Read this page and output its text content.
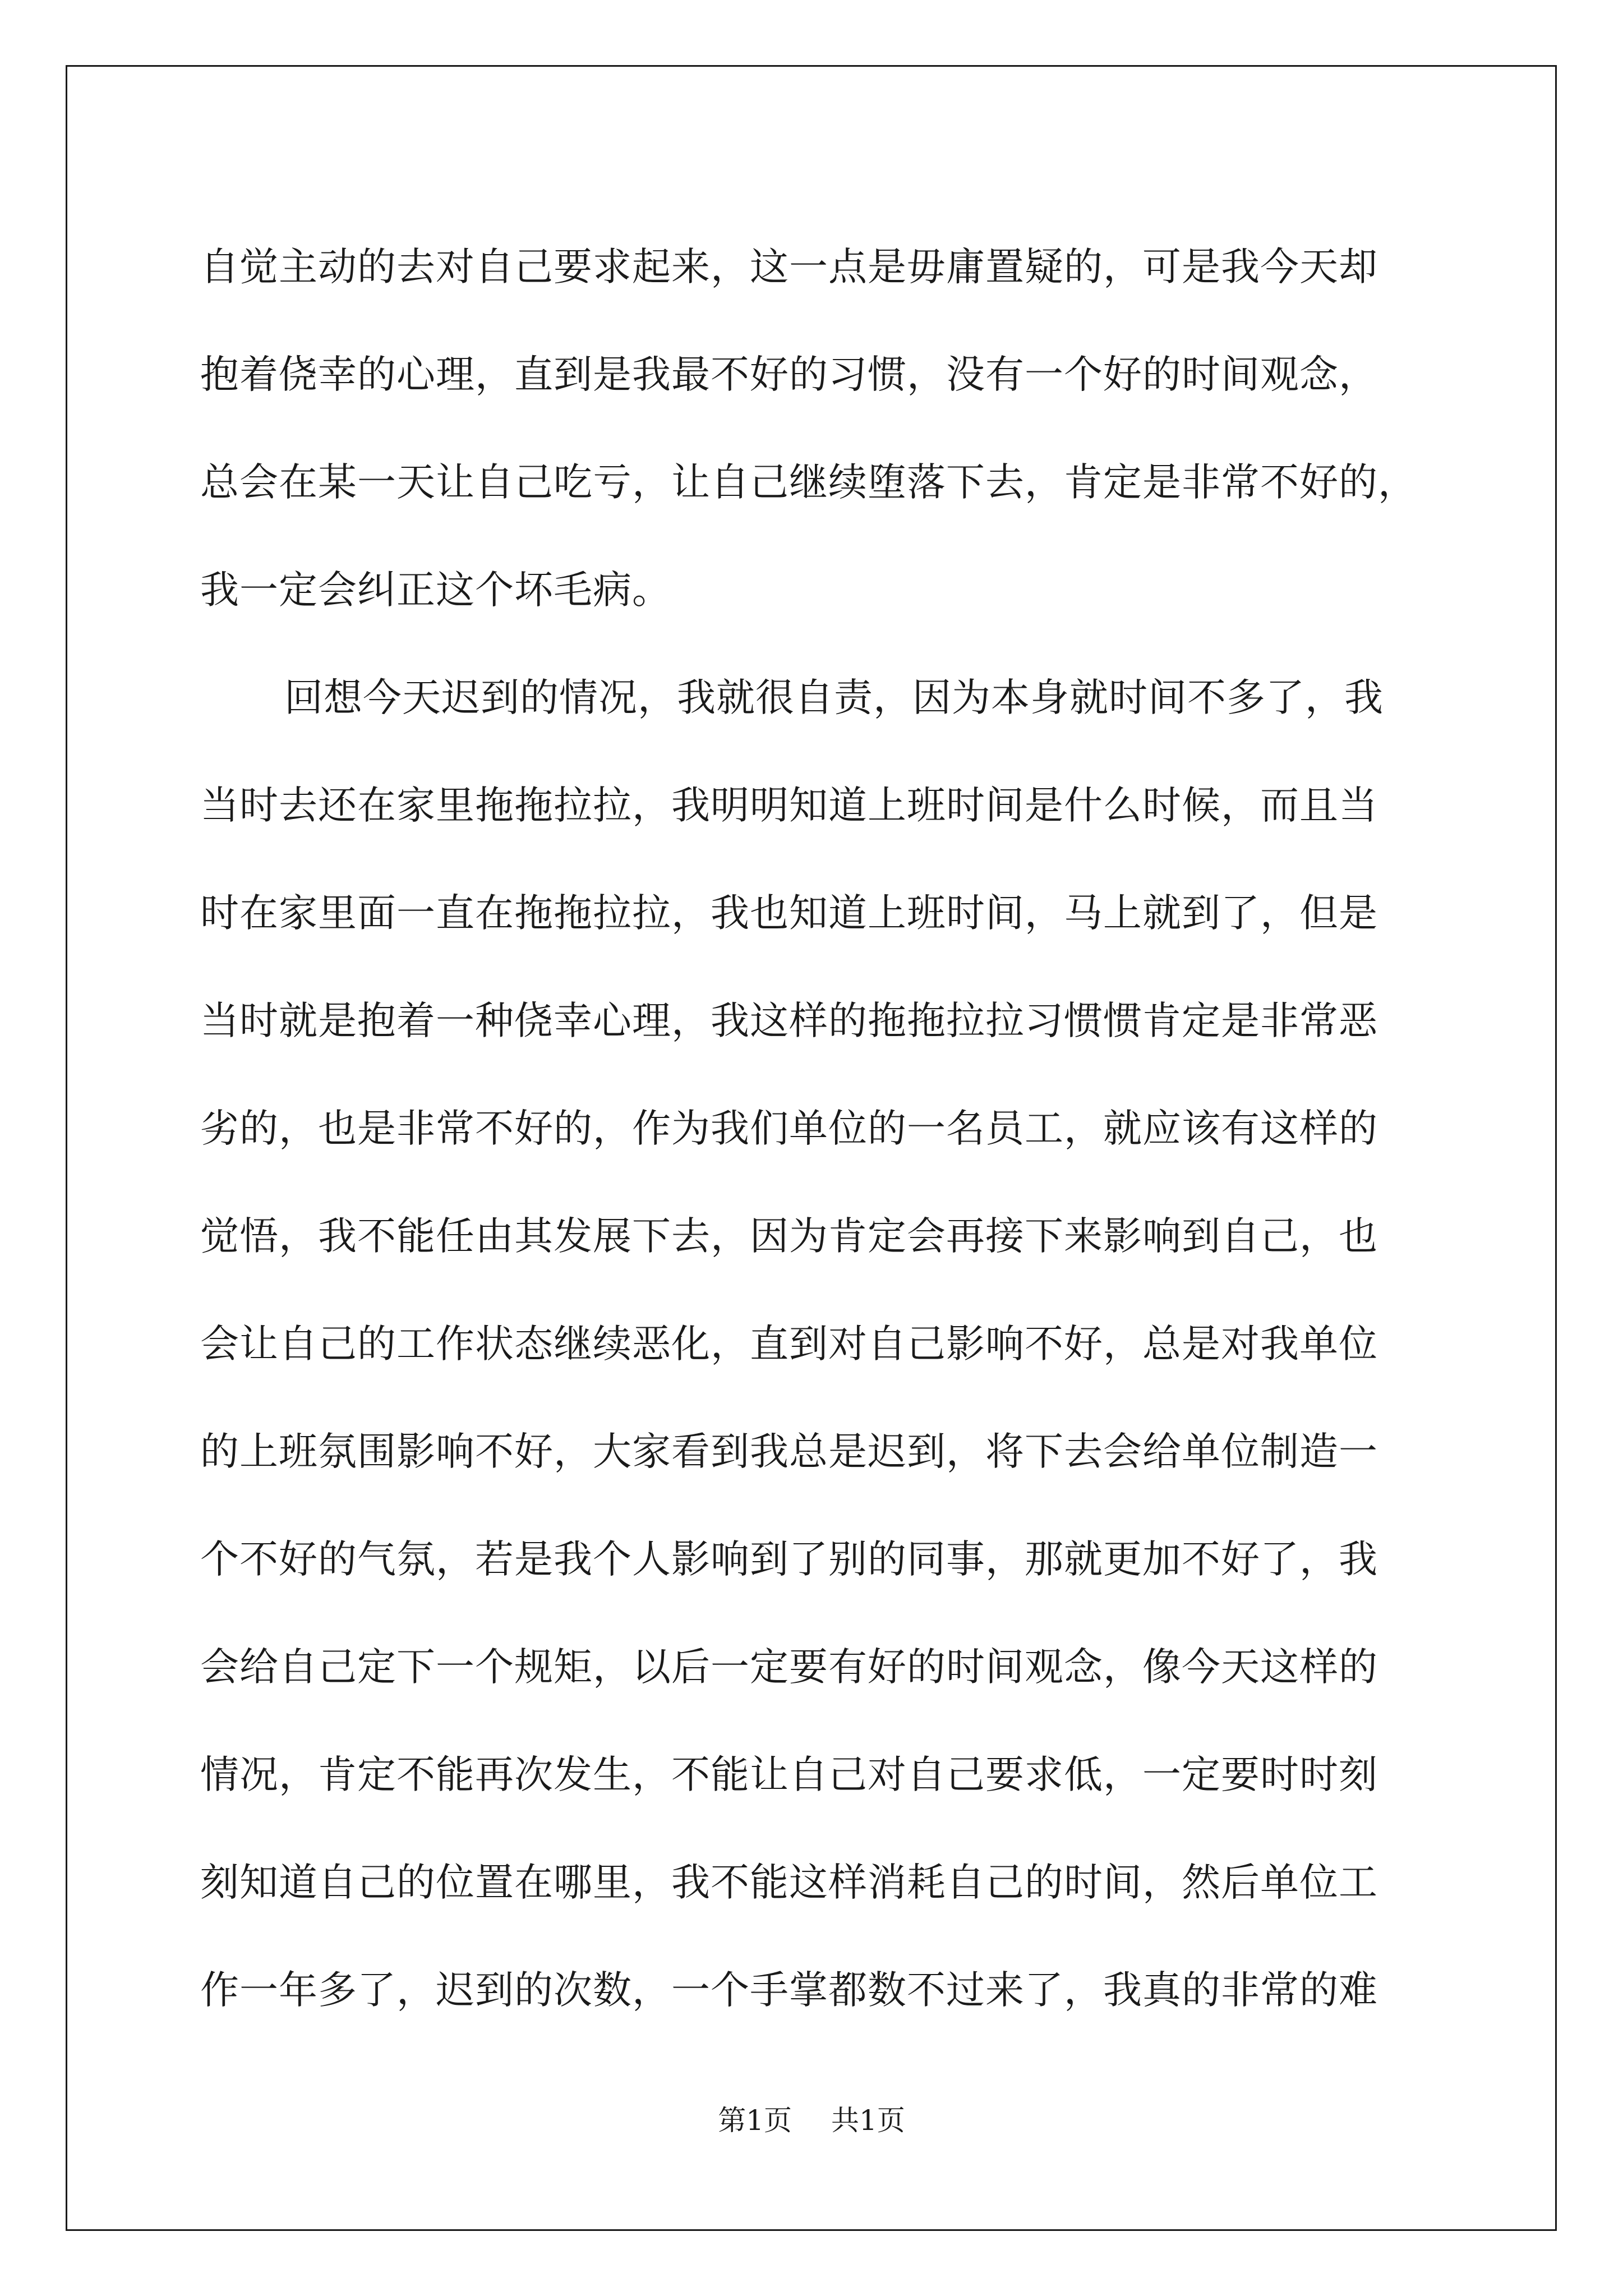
自觉主动的去对自己要求起来，这一点是毋庸置疑的，可是我今天却
抱着侥幸的心理，直到是我最不好的习惯，没有一个好的时间观念，
总会在某一天让自己吃亏，让自己继续堕落下去，肯定是非常不好的，
我一定会纠正这个坏毛病。
回想今天迟到的情况，我就很自责，因为本身就时间不多了，我
当时去还在家里拖拖拉拉，我明明知道上班时间是什么时候，而且当
时在家里面一直在拖拖拉拉，我也知道上班时间，马上就到了，但是
当时就是抱着一种侥幸心理，我这样的拖拖拉拉习惯惯肯定是非常恶
劣的，也是非常不好的，作为我们单位的一名员工，就应该有这样的
觉悟，我不能任由其发展下去，因为肯定会再接下来影响到自己，也
会让自己的工作状态继续恶化，直到对自己影响不好，总是对我单位
的上班氛围影响不好，大家看到我总是迟到，将下去会给单位制造一
个不好的气氛，若是我个人影响到了别的同事，那就更加不好了，我
会给自己定下一个规矩，以后一定要有好的时间观念，像今天这样的
情况，肯定不能再次发生，不能让自己对自己要求低，一定要时时刻
刻知道自己的位置在哪里，我不能这样消耗自己的时间，然后单位工
作一年多了，迟到的次数，一个手掌都数不过来了，我真的非常的难
第1页 共1页
